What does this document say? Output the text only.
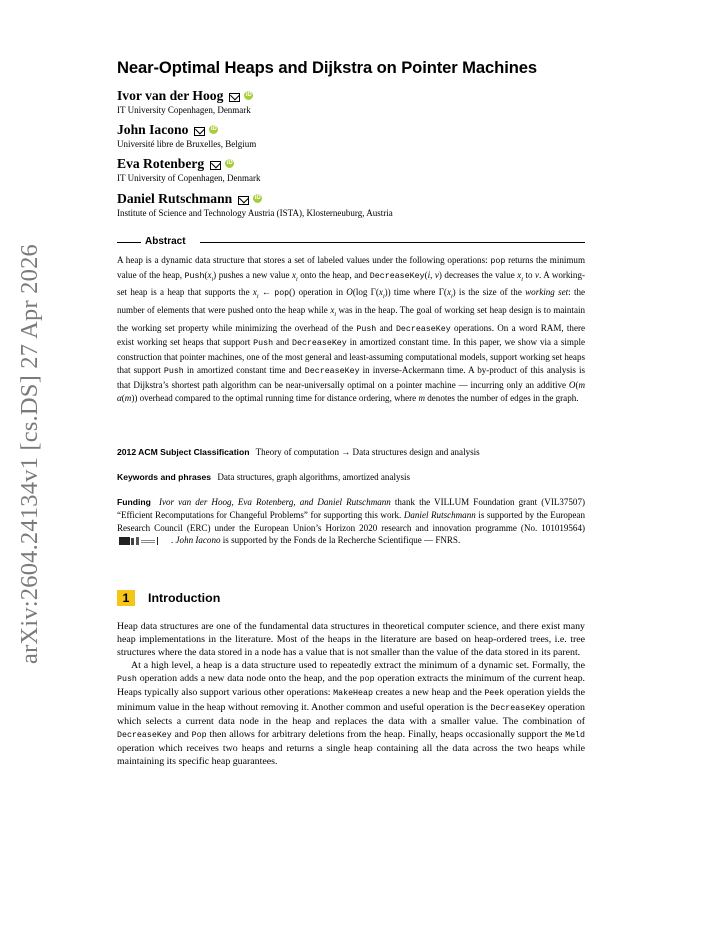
arXiv:2604.24134v1 [cs.DS] 27 Apr 2026
Near-Optimal Heaps and Dijkstra on Pointer Machines
Ivor van der Hoog	iD
IT University Copenhagen, Denmark
John Iacono	iD
Université libre de Bruxelles, Belgium
Eva Rotenberg	iD
IT University of Copenhagen, Denmark
Daniel Rutschmann	iD
Institute of Science and Technology Austria (ISTA), Klosterneuburg, Austria
Abstract

A heap is a dynamic data structure that stores a set of labeled values under the following operations: pop returns the minimum value of the heap, $Push(x_i)$ pushes a new value $x_i$ onto the heap, and DecreaseKey(i, v) decreases the value $x_i$ to v. A working-set heap is a heap that supports the $x_i$ ← pop() operation in O(log $\Gamma(x_i)$) time where $\Gamma(x_i)$ is the size of the working set: the number of elements that were pushed onto the heap while $x_i$ was in the heap. The goal of working set heap design is to maintain the working set property while minimizing the overhead of the Push and DecreaseKey operations. On a word RAM, there exist working set heaps that support Push and DecreaseKey in amortized constant time. In this paper, we show via a simple construction that pointer machines, one of the most general and least-assuming computational models, support working set heaps that support Push in amortized constant time and DecreaseKey in inverse-Ackermann time. A by-product of this analysis is that Dijkstra’s shortest path algorithm can be near-universally optimal on a pointer machine — incurring only an additive O(m α(m)) overhead compared to the optimal running time for distance ordering, where m denotes the number of edges in the graph.

2012 ACM Subject Classification Theory of computation → Data structures design and analysis
Keywords and phrases Data structures, graph algorithms, amortized analysis
Funding Ivor van der Hoog, Eva Rotenberg, and Daniel Rutschmann thank the VILLUM Foundation grant (VIL37507) “Efficient Recomputations for Changeful Problems” for supporting this work. Daniel Rutschmann is supported by the European Research Council (ERC) under the European Union’s Horizon 2020 research and innovation programme (No. 101019564)
. John Iacono is supported by the Fonds de la Recherche Scientifique — FNRS.
1	Introduction

Heap data structures are one of the fundamental data structures in theoretical computer science, and there exist many heap implementations in the literature. Most of the heaps in the literature are based on heap-ordered trees, i.e. tree structures where the data stored in a node has a value that is not smaller than the value of the data stored in its parent.

At a high level, a heap is a data structure used to repeatedly extract the minimum of a dynamic set. Formally, the Push operation adds a new data node onto the heap, and the pop operation extracts the minimum of the current heap. Heaps typically also support various other operations: MakeHeap creates a new heap and the Peek operation yields the minimum value in the heap without removing it. Another common and useful operation is the DecreaseKey operation which selects a current data node in the heap and replaces the data with a smaller value. The combination of DecreaseKey and Pop then allows for arbitrary deletions from the heap. Finally, heaps occasionally support the Meld operation which receives two heaps and returns a single heap containing all the data across the two heaps while maintaining its specific heap guarantees.
